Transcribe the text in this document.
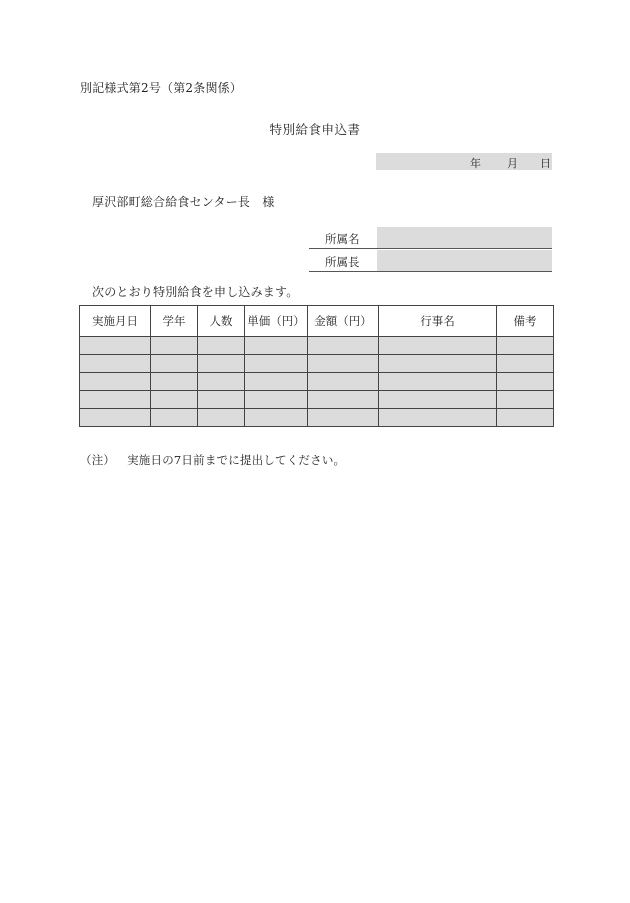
別記様式第2号（第2条関係）
特別給食申込書
年 月 日
厚沢部町総合給食センター長　様
所属名
所属長
次のとおり特別給食を申し込みます。
実施月日	学年	人数	単価（円）	金額（円）	行事名	備考

（注） 実施日の7日前までに提出してください。
